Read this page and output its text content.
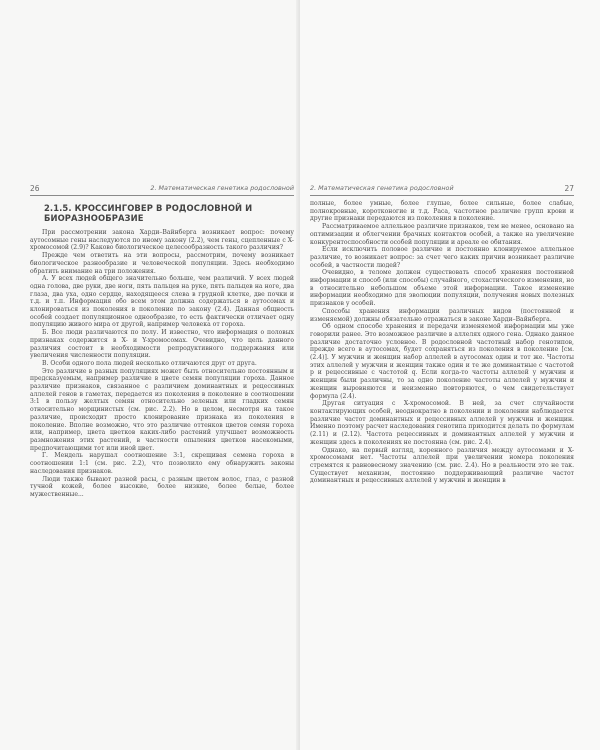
26	2. Математическая генетика родословной
2.1.5. КРОССИНГОВЕР В РОДОСЛОВНОЙ И БИОРАЗНООБРАЗИЕ

При рассмотрении закона Харди–Вайнберга возникает вопрос: почему аутосомные гены наследуются по иному закону (2.2), чем гены, сцепленные с X-хромосомой (2.9)? Каково биологическое целесообразность такого различия?

Прежде чем ответить на эти вопросы, рассмотрим, почему возникает биологическое разнообразие и человеческой популяции. Здесь необходимо обратить внимание на три положения.

А. У всех людей общего значительно больше, чем различий. У всех людей одна голова, две руки, две ноги, пять пальцев на руке, пять пальцев на ноге, два глаза, два уха, одно сердце, находящееся слева в грудной клетке, две почки и т.д. и т.п. Информация обо всем этом должна содержаться в аутосомах и клонироваться из поколения в поколение по закону (2.4). Данная общность особей создает популяционное однообразие, то есть фактически отличает одну популяцию живого мира от другой, например человека от гороха.

Б. Все люди различаются по полу. И известно, что информация о половых признаках содержится в X- и Y-хромосомах. Очевидно, что цель данного различия состоит в необходимости репродуктивного поддержания или увеличения численности популяции.

В. Особи одного пола людей несколько отличаются друг от друга.

Это различие в разных популяциях может быть относительно постоянным и предсказуемым, например различие в цвете семян популяции гороха. Данное различие признаков, связанное с различием доминантных и рецессивных аллелей генов в гаметах, передается из поколения в поколение в соотношении 3:1 в пользу желтых семян относительно зеленых или гладких семян относительно морщинистых (см. рис. 2.2). Но в целом, несмотря на такое различие, происходит просто клонирование признака из поколения в поколение. Вполне возможно, что это различие оттенков цветов семян гороха или, например, цвета цветков каких-либо растений улучшает возможность размножения этих растений, в частности опыления цветков насекомыми, предпочитающими тот или иной цвет.

Г. Мендель нарушал соотношение 3:1, скрещивая семена гороха в соотношении 1:1 (см. рис. 2.2), что позволило ему обнаружить законы наследования признаков.

Люди также бывают разной расы, с разным цветом волос, глаз, с разной тучной кожей, более высокие, более низкие, более белые, более мужественные...

2. Математическая генетика родословной	27

полные, более умные, более глупые, более сильные, более слабые, полнокровные, коротконогие и т.д. Раса, частотное различие групп крови и другие признаки передаются из поколения в поколение.

Рассматриваемое аллельное различие признаков, тем не менее, основано на оптимизации и облегчении брачных контактов особей, а также на увеличение конкурентоспособности особей популяции и ареале ее обитания.

Если исключить половое различие и постоянно клонируемое аллельное различие, то возникает вопрос: за счет чего каких причин возникает различие особей, в частности людей?

Очевидно, в теломе должен существовать способ хранения постоянной информации и способ (или способы) случайного, стохастического изменения, но в относительно небольшом объеме этой информации. Такое изменение информации необходимо для эволюции популяции, получения новых полезных признаков у особей.

Способы хранения информации различных видов (постоянной и изменяемой) должны обязательно отражаться в законе Харди–Вайнберга.

Об одном способе хранения и передачи изменяемой информации мы уже говорили ранее. Это возможное различие в аллелях одного гена. Однако данное различие достаточно условное. В родословной частотный набор генотипов, прежде всего в аутосомах, будет сохраняться из поколения в поколение [см. (2.4)]. У мужчин и женщин набор аллелей в аутосомах один и тот же. Частоты этих аллелей у мужчин и женщин также один и те же доминантные с частотой p и рецессивные с частотой q. Если когда-то частоты аллелей у мужчин и женщин были различны, то за одно поколение частоты аллелей у мужчин и женщин выровняются и неизменно повторяются, о чем свидетельствует формула (2.4).

Другая ситуация с X-хромосомой. В ней, за счет случайности контактирующих особей, неоднократно в поколении и поколении наблюдается различие частот доминантных и рецессивных аллелей у мужчин и женщин. Именно поэтому расчет наследования генотипа приходится делать по формулам (2.11) и (2.12). Частота рецессивных и доминантных аллелей у мужчин и женщин здесь в поколениях не постоянна (см. рис. 2.4).

Однако, на первый взгляд, коренного различия между аутосомами и X-хромосомами нет. Частоты аллелей при увеличении номера поколения стремятся к равновесному значению (см. рис. 2.4). Но в реальности это не так. Существует механизм, постоянно поддерживающий различие частот доминантных и рецессивных аллелей у мужчин и женщин в
